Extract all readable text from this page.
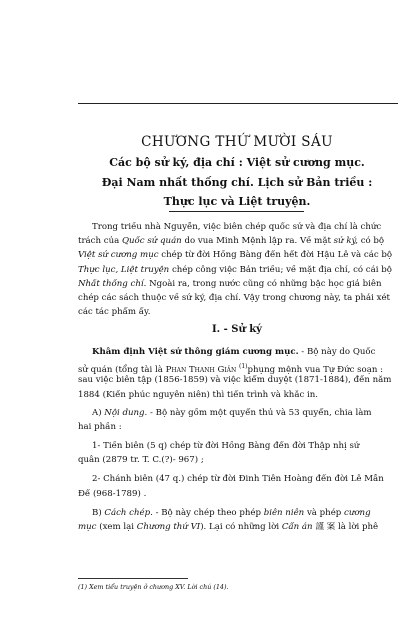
CHƯƠNG THỨ MƯỜI SÁU
Các bộ sử ký, địa chí : Việt sử cương mục.
Đại Nam nhất thống chí. Lịch sử Bản triều :
Thực lục và Liệt truyện.
Trong triều nhà Nguyễn, việc biên chép quốc sử và địa chí là chức
trách của Quốc sử quán do vua Minh Mệnh lập ra. Về mặt sử ký, có bộ
Việt sử cương mục chép từ đời Hồng Bàng đến hết đời Hậu Lê và các bộ
Thực lục, Liệt truyện chép công việc Bản triều; về mặt địa chí, có cái bộ
Nhất thống chí. Ngoài ra, trong nước cũng có những bậc học giả biên
chép các sách thuộc về sử ký, địa chí. Vậy trong chương này, ta phải xét
các tác phẩm ấy.
I. - Sử ký
Khâm định Việt sử thông giám cương mục. - Bộ này do Quốc
sử quán (tổng tài là Phan Thanh Giản $^{(1)}$phụng mệnh vua Tự Đức soạn :
sau việc biên tập (1856-1859) và việc kiểm duyệt (1871-1884), đến năm
1884 (Kiến phúc nguyên niên) thì tiến trình và khắc in.
A) Nội dung. - Bộ này gồm một quyển thủ và 53 quyển, chia làm
hai phần :
1- Tiền biên (5 q) chép từ đời Hồng Bàng đến đời Thập nhị sứ
quân (2879 tr. T. C.(?)- 967) ;
2- Chánh biên (47 q.) chép từ đời Đinh Tiên Hoàng đến đời Lê Mẫn
Đế (968-1789) .
B) Cách chép. - Bộ này chép theo phép biên niên và phép cương
mục (xem lại Chương thứ VI). Lại có những lời Cẩn án 謹 案 là lời phê
(1) Xem tiểu truyện ở chương XV. Lời chú (14).
